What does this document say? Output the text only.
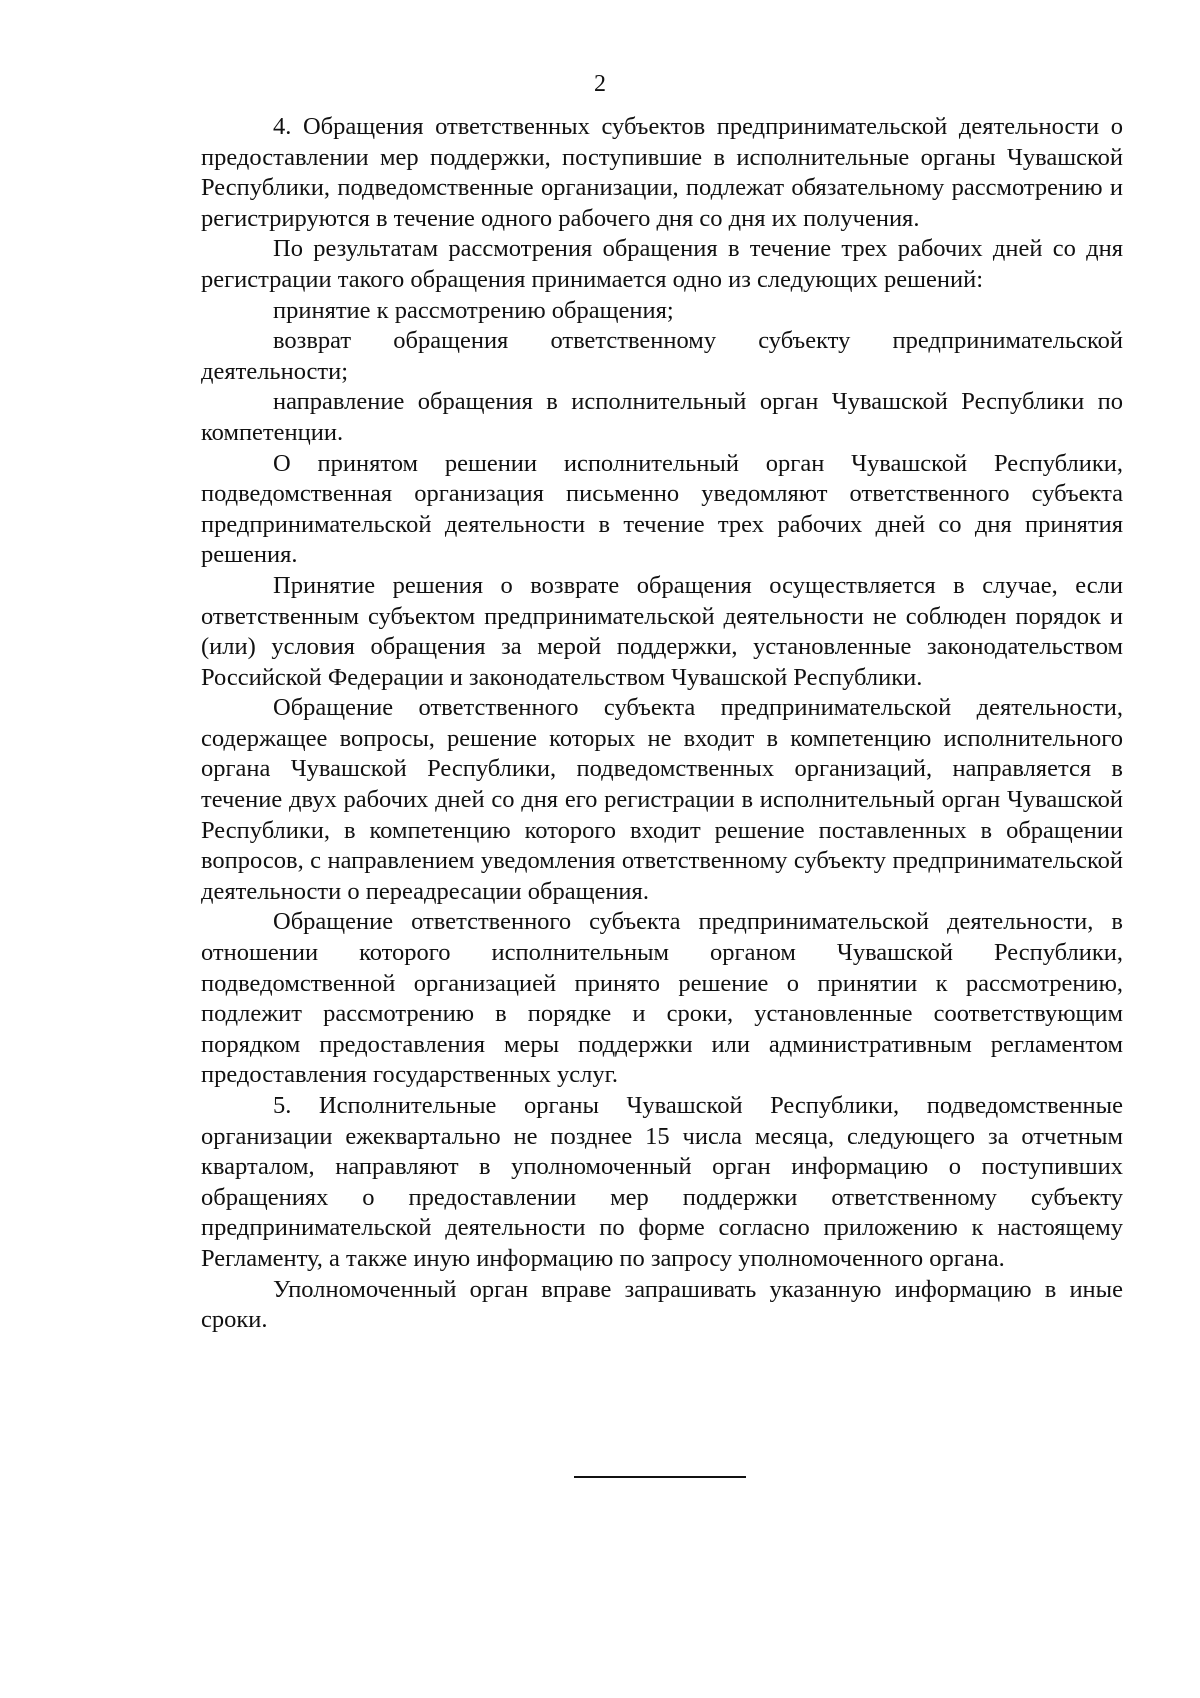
2

4. Обращения ответственных субъектов предпринимательской деятельности о предоставлении мер поддержки, поступившие в исполнительные органы Чувашской Республики, подведомственные организации, подлежат обязательному рассмотрению и регистрируются в течение одного рабочего дня со дня их получения.

По результатам рассмотрения обращения в течение трех рабочих дней со дня регистрации такого обращения принимается одно из следующих решений:

принятие к рассмотрению обращения;

возврат обращения ответственному субъекту предпринимательской деятельности;

направление обращения в исполнительный орган Чувашской Республики по компетенции.

О принятом решении исполнительный орган Чувашской Республики, подведомственная организация письменно уведомляют ответственного субъекта предпринимательской деятельности в течение трех рабочих дней со дня принятия решения.

Принятие решения о возврате обращения осуществляется в случае, если ответственным субъектом предпринимательской деятельности не соблюден порядок и (или) условия обращения за мерой поддержки, установленные законодательством Российской Федерации и законодательством Чувашской Республики.

Обращение ответственного субъекта предпринимательской деятельности, содержащее вопросы, решение которых не входит в компетенцию исполнительного органа Чувашской Республики, подведомственных организаций, направляется в течение двух рабочих дней со дня его регистрации в исполнительный орган Чувашской Республики, в компетенцию которого входит решение поставленных в обращении вопросов, с направлением уведомления ответственному субъекту предпринимательской деятельности о переадресации обращения.

Обращение ответственного субъекта предпринимательской деятельности, в отношении которого исполнительным органом Чувашской Республики, подведомственной организацией принято решение о принятии к рассмотрению, подлежит рассмотрению в порядке и сроки, установленные соответствующим порядком предоставления меры поддержки или административным регламентом предоставления государственных услуг.

5. Исполнительные органы Чувашской Республики, подведомственные организации ежеквартально не позднее 15 числа месяца, следующего за отчетным кварталом, направляют в уполномоченный орган информацию о поступивших обращениях о предоставлении мер поддержки ответственному субъекту предпринимательской деятельности по форме согласно приложению к настоящему Регламенту, а также иную информацию по запросу уполномоченного органа.

Уполномоченный орган вправе запрашивать указанную информацию в иные сроки.
